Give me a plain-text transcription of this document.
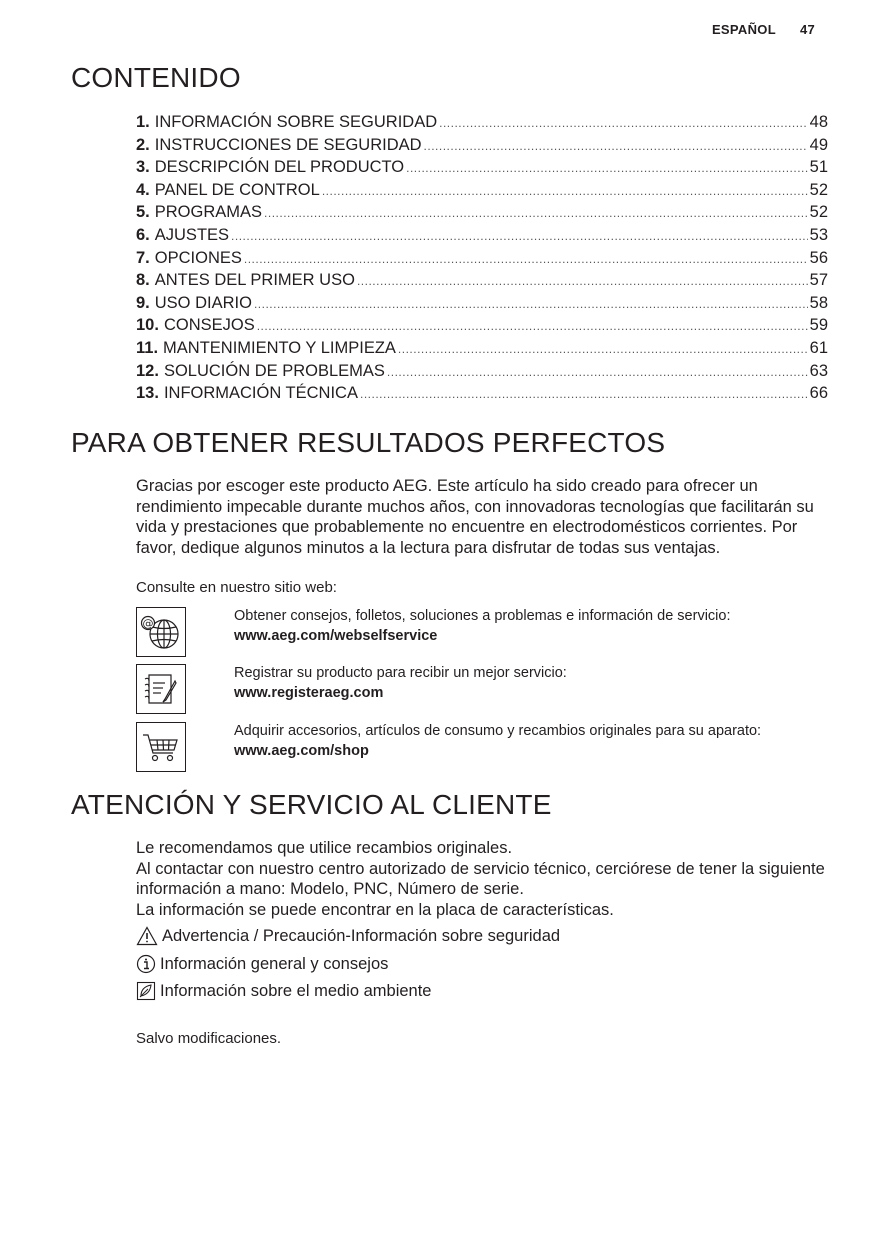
ESPAÑOL 47
CONTENIDO
1. INFORMACIÓN SOBRE SEGURIDAD .....	48
2. INSTRUCCIONES DE SEGURIDAD .....	49
3. DESCRIPCIÓN DEL PRODUCTO .....	51
4. PANEL DE CONTROL .....	52
5. PROGRAMAS .....	52
6. AJUSTES .....	53
7. OPCIONES .....	56
8. ANTES DEL PRIMER USO .....	57
9. USO DIARIO .....	58
10. CONSEJOS .....	59
11. MANTENIMIENTO Y LIMPIEZA .....	61
12. SOLUCIÓN DE PROBLEMAS .....	63
13. INFORMACIÓN TÉCNICA .....	66
PARA OBTENER RESULTADOS PERFECTOS

Gracias por escoger este producto AEG. Este artículo ha sido creado para ofrecer un rendimiento impecable durante muchos años, con innovadoras tecnologías que facilitarán su vida y prestaciones que probablemente no encuentre en electrodomésticos corrientes. Por favor, dedique algunos minutos a la lectura para disfrutar de todas sus ventajas.

Consulte en nuestro sitio web:

@	Obtener consejos, folletos, soluciones a problemas e información de servicio:
www.aeg.com/webselfservice
Registrar su producto para recibir un mejor servicio:
www.registeraeg.com
Adquirir accesorios, artículos de consumo y recambios originales para su aparato:
www.aeg.com/shop
ATENCIÓN Y SERVICIO AL CLIENTE

Le recomendamos que utilice recambios originales.

Al contactar con nuestro centro autorizado de servicio técnico, cerciórese de tener la siguiente información a mano: Modelo, PNC, Número de serie.

La información se puede encontrar en la placa de características.

Advertencia / Precaución-Información sobre seguridad
Información general y consejos
Información sobre el medio ambiente

Salvo modificaciones.
